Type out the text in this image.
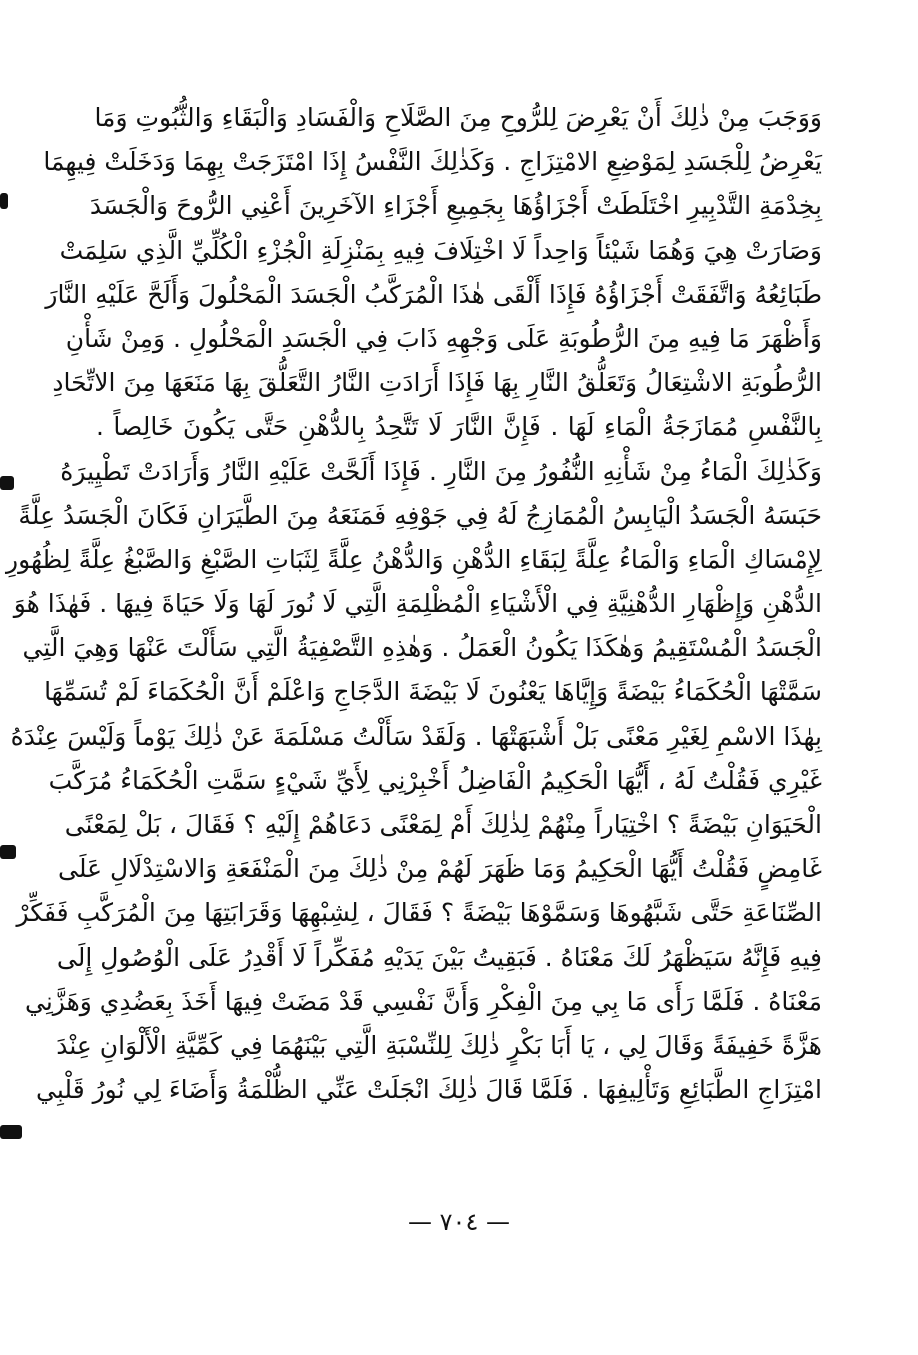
وَوَجَبَ مِنْ ذٰلِكَ أَنْ يَعْرِضَ لِلرُّوحِ مِنَ الصَّلَاحِ وَالْفَسَادِ وَالْبَقَاءِ وَالثُّبُوتِ وَمَا
يَعْرِضُ لِلْجَسَدِ لِمَوْضِعِ الامْتِزَاجِ . وَكَذٰلِكَ النَّفْسُ إِذَا امْتَزَجَتْ بِهِمَا وَدَخَلَتْ فِيهِمَا
بِخِدْمَةِ التَّدْبِيرِ اخْتَلَطَتْ أَجْزَاؤُهَا بِجَمِيعِ أَجْزَاءِ الآخَرِينَ أَعْنِي الرُّوحَ وَالْجَسَدَ
وَصَارَتْ هِيَ وَهُمَا شَيْئاً وَاحِداً لَا اخْتِلَافَ فِيهِ بِمَنْزِلَةِ الْجُزْءِ الْكُلِّيِّ الَّذِي سَلِمَتْ
طَبَائِعُهُ وَاتَّفَقَتْ أَجْزَاؤُهُ فَإِذَا أَلْقَى هٰذَا الْمُرَكَّبُ الْجَسَدَ الْمَحْلُولَ وَأَلَحَّ عَلَيْهِ النَّارَ
وَأَظْهَرَ مَا فِيهِ مِنَ الرُّطُوبَةِ عَلَى وَجْهِهِ ذَابَ فِي الْجَسَدِ الْمَحْلُولِ . وَمِنْ شَأْنِ
الرُّطُوبَةِ الاشْتِعَالُ وَتَعَلُّقُ النَّارِ بِهَا فَإِذَا أَرَادَتِ النَّارُ التَّعَلُّقَ بِهَا مَنَعَهَا مِنَ الاتِّحَادِ
بِالنَّفْسِ مُمَازَجَةُ الْمَاءِ لَهَا . فَإِنَّ النَّارَ لَا تَتَّحِدُ بِالدُّهْنِ حَتَّى يَكُونَ خَالِصاً .
وَكَذٰلِكَ الْمَاءُ مِنْ شَأْنِهِ النُّفُورُ مِنَ النَّارِ . فَإِذَا أَلَحَّتْ عَلَيْهِ النَّارُ وَأَرَادَتْ تَطْيِيرَهُ
حَبَسَهُ الْجَسَدُ الْيَابِسُ الْمُمَازِجُ لَهُ فِي جَوْفِهِ فَمَنَعَهُ مِنَ الطَّيَرَانِ فَكَانَ الْجَسَدُ عِلَّةً
لِإِمْسَاكِ الْمَاءِ وَالْمَاءُ عِلَّةً لِبَقَاءِ الدُّهْنِ وَالدُّهْنُ عِلَّةً لِثَبَاتِ الصَّبْغِ وَالصَّبْغُ عِلَّةً لِظُهُورِ
الدُّهْنِ وَإِظْهَارِ الدُّهْنِيَّةِ فِي الْأَشْيَاءِ الْمُظْلِمَةِ الَّتِي لَا نُورَ لَهَا وَلَا حَيَاةَ فِيهَا . فَهٰذَا هُوَ
الْجَسَدُ الْمُسْتَقِيمُ وَهٰكَذَا يَكُونُ الْعَمَلُ . وَهٰذِهِ التَّصْفِيَةُ الَّتِي سَأَلْتَ عَنْهَا وَهِيَ الَّتِي
سَمَّتْهَا الْحُكَمَاءُ بَيْضَةً وَإِيَّاهَا يَعْنُونَ لَا بَيْضَةَ الدَّجَاجِ وَاعْلَمْ أَنَّ الْحُكَمَاءَ لَمْ تُسَمِّهَا
بِهٰذَا الاسْمِ لِغَيْرِ مَعْنًى بَلْ أَشْبَهَتْهَا . وَلَقَدْ سَأَلْتُ مَسْلَمَةَ عَنْ ذٰلِكَ يَوْماً وَلَيْسَ عِنْدَهُ
غَيْرِي فَقُلْتُ لَهُ ، أَيُّهَا الْحَكِيمُ الْفَاضِلُ أَخْبِرْنِي لِأَيِّ شَيْءٍ سَمَّتِ الْحُكَمَاءُ مُرَكَّبَ
الْحَيَوَانِ بَيْضَةً ؟ اخْتِيَاراً مِنْهُمْ لِذٰلِكَ أَمْ لِمَعْنًى دَعَاهُمْ إِلَيْهِ ؟ فَقَالَ ، بَلْ لِمَعْنًى
غَامِضٍ فَقُلْتُ أَيُّهَا الْحَكِيمُ وَمَا ظَهَرَ لَهُمْ مِنْ ذٰلِكَ مِنَ الْمَنْفَعَةِ وَالاسْتِدْلَالِ عَلَى
الصِّنَاعَةِ حَتَّى شَبَّهُوهَا وَسَمَّوْهَا بَيْضَةً ؟ فَقَالَ ، لِشِبْهِهَا وَقَرَابَتِهَا مِنَ الْمُرَكَّبِ فَفَكِّرْ
فِيهِ فَإِنَّهُ سَيَظْهَرُ لَكَ مَعْنَاهُ . فَبَقِيتُ بَيْنَ يَدَيْهِ مُفَكِّراً لَا أَقْدِرُ عَلَى الْوُصُولِ إِلَى
مَعْنَاهُ . فَلَمَّا رَأَى مَا بِي مِنَ الْفِكْرِ وَأَنَّ نَفْسِي قَدْ مَضَتْ فِيهَا أَخَذَ بِعَضُدِي وَهَزَّنِي
هَزَّةً خَفِيفَةً وَقَالَ لِي ، يَا أَبَا بَكْرٍ ذٰلِكَ لِلنِّسْبَةِ الَّتِي بَيْنَهُمَا فِي كَمِّيَّةِ الْأَلْوَانِ عِنْدَ
امْتِزَاجِ الطَّبَائِعِ وَتَأْلِيفِهَا . فَلَمَّا قَالَ ذٰلِكَ انْجَلَتْ عَنِّي الظُّلْمَةُ وَأَضَاءَ لِي نُورُ قَلْبِي
— ٧٠٤ —
